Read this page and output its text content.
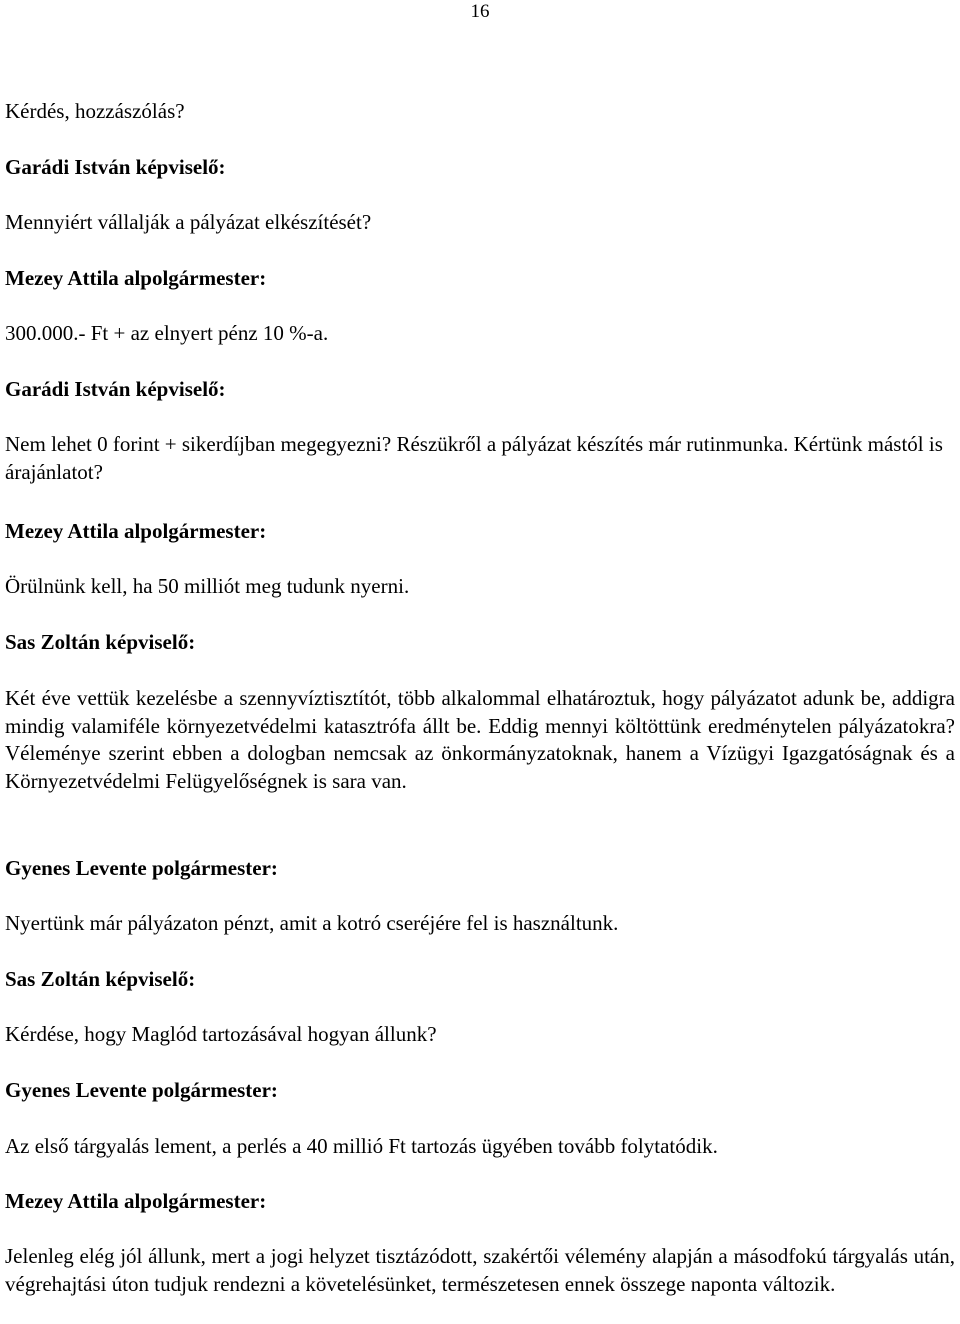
16

Kérdés, hozzászólás?

Garádi István képviselő:

Mennyiért vállalják a pályázat elkészítését?

Mezey Attila alpolgármester:

300.000.- Ft + az elnyert pénz 10 %-a.

Garádi István képviselő:

Nem lehet 0 forint + sikerdíjban megegyezni? Részükről a pályázat készítés már rutinmunka. Kértünk mástól is árajánlatot?

Mezey Attila alpolgármester:

Örülnünk kell, ha 50 milliót meg tudunk nyerni.

Sas Zoltán képviselő:

Két éve vettük kezelésbe a szennyvíztisztítót, több alkalommal elhatároztuk, hogy pályázatot adunk be, addigra mindig valamiféle környezetvédelmi katasztrófa állt be. Eddig mennyi költöttünk eredménytelen pályázatokra? Véleménye szerint ebben a dologban nemcsak az önkormányzatoknak, hanem a Vízügyi Igazgatóságnak és a Környezetvédelmi Felügyelőségnek is sara van.

Gyenes Levente polgármester:

Nyertünk már pályázaton pénzt, amit a kotró cseréjére fel is használtunk.

Sas Zoltán képviselő:

Kérdése, hogy Maglód tartozásával hogyan állunk?

Gyenes Levente polgármester:

Az első tárgyalás lement, a perlés a 40 millió Ft tartozás ügyében tovább folytatódik.

Mezey Attila alpolgármester:

Jelenleg elég jól állunk, mert a jogi helyzet tisztázódott, szakértői vélemény alapján a másodfokú tárgyalás után, végrehajtási úton tudjuk rendezni a követelésünket, természetesen ennek összege naponta változik.
